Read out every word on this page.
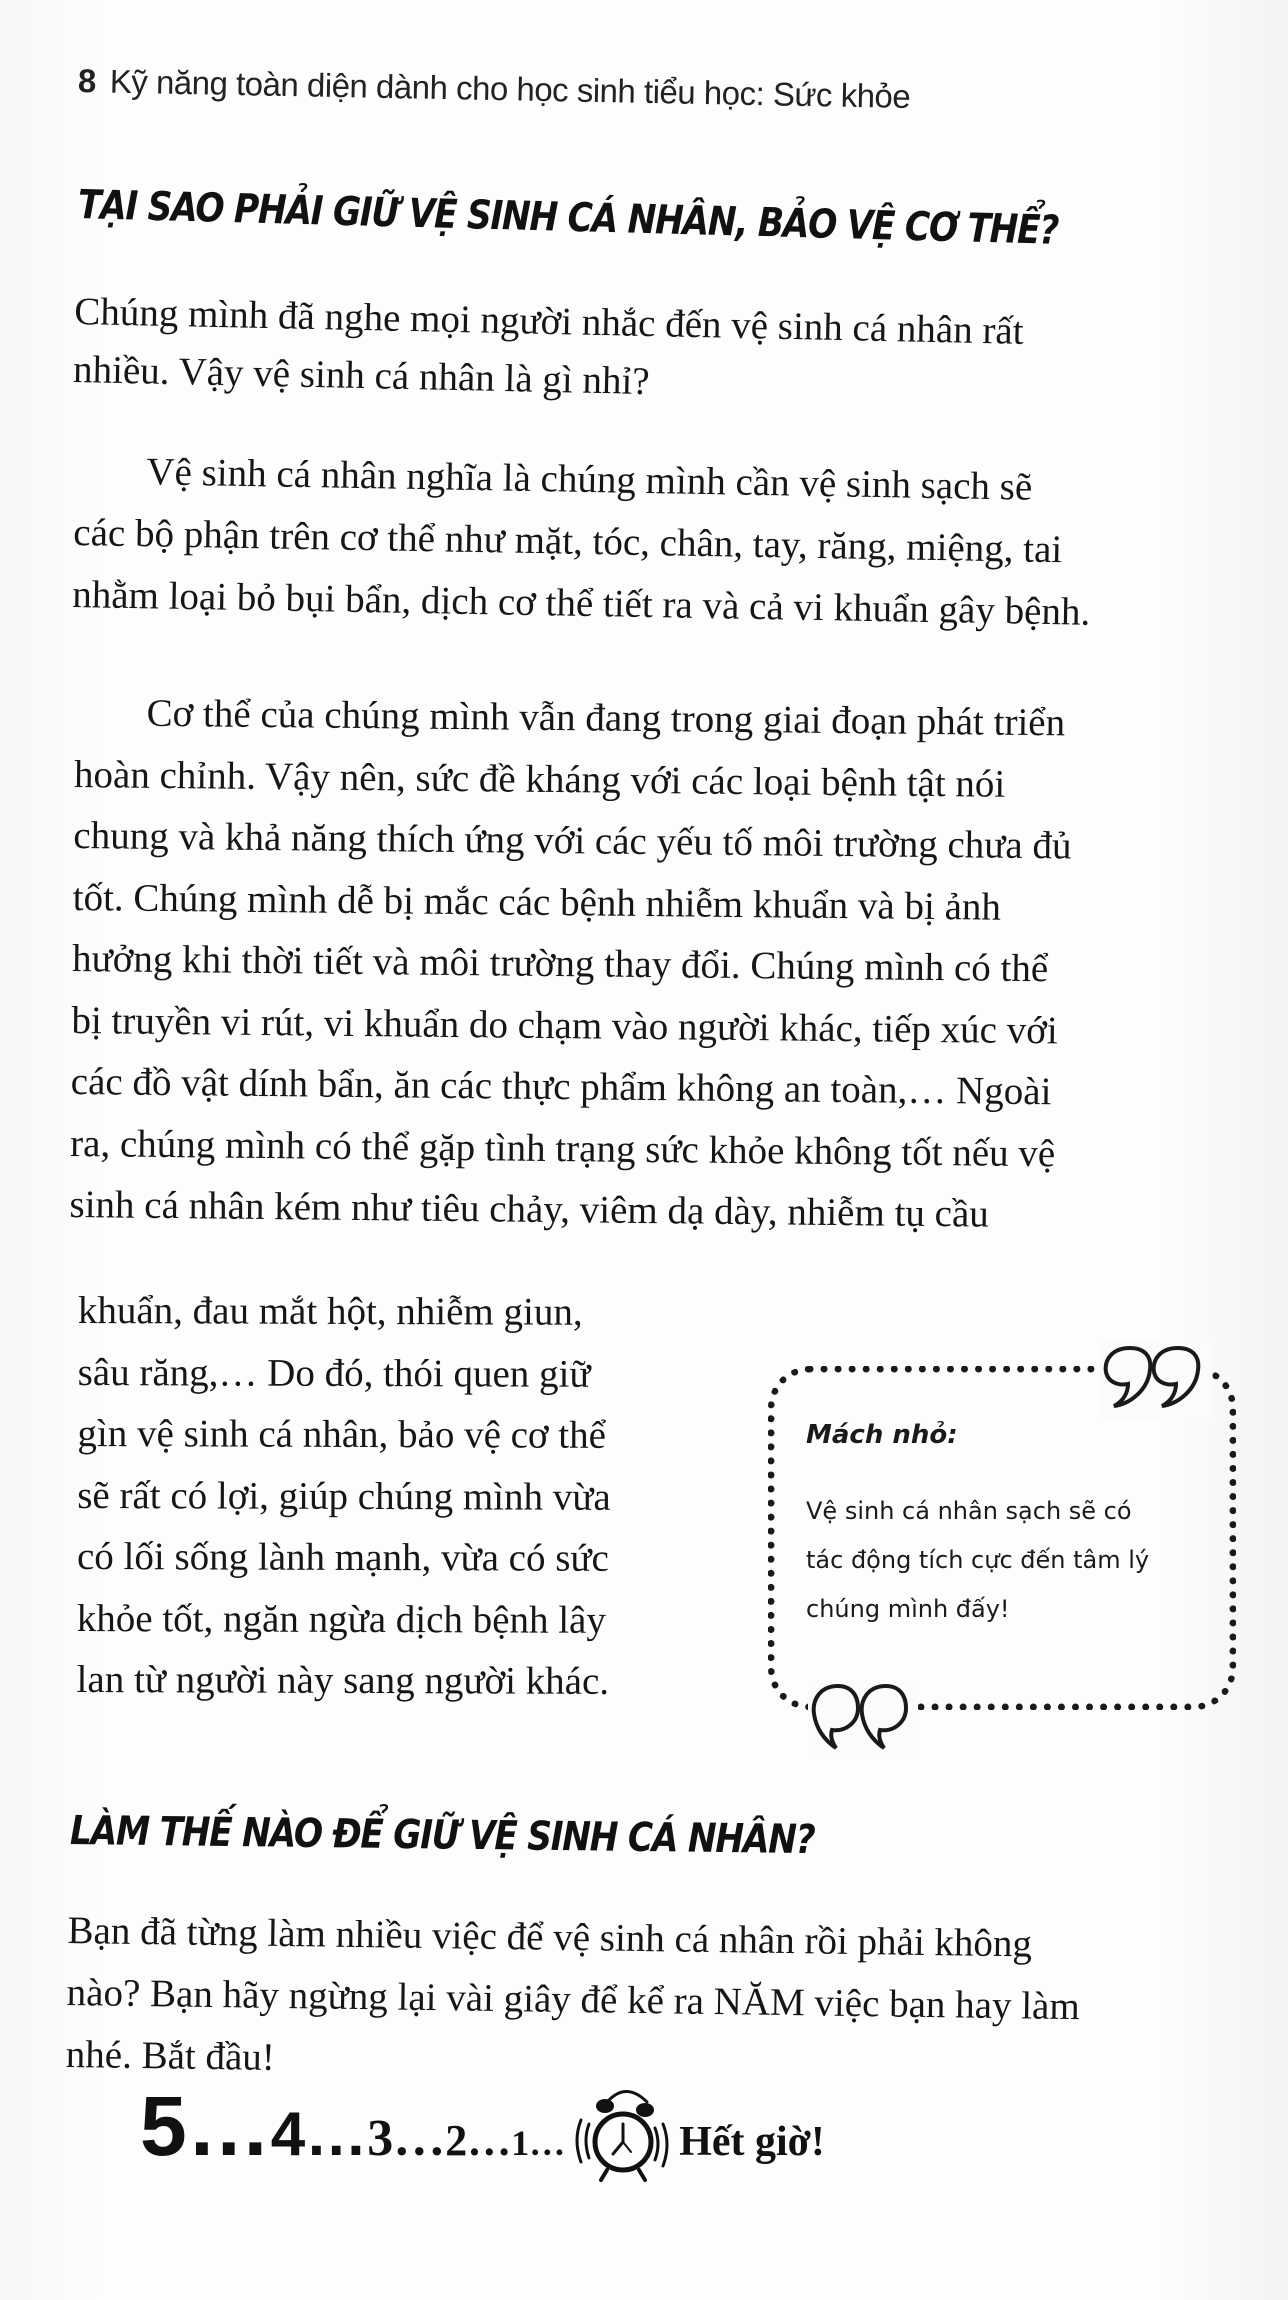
8 Kỹ năng toàn diện dành cho học sinh tiểu học: Sức khỏe
TẠI SAO PHẢI GIỮ VỆ SINH CÁ NHÂN, BẢO VỆ CƠ THỂ?
Chúng mình đã nghe mọi người nhắc đến vệ sinh cá nhân rất
nhiều. Vậy vệ sinh cá nhân là gì nhỉ?
Vệ sinh cá nhân nghĩa là chúng mình cần vệ sinh sạch sẽ
các bộ phận trên cơ thể như mặt, tóc, chân, tay, răng, miệng, tai
nhằm loại bỏ bụi bẩn, dịch cơ thể tiết ra và cả vi khuẩn gây bệnh.
Cơ thể của chúng mình vẫn đang trong giai đoạn phát triển
hoàn chỉnh. Vậy nên, sức đề kháng với các loại bệnh tật nói
chung và khả năng thích ứng với các yếu tố môi trường chưa đủ
tốt. Chúng mình dễ bị mắc các bệnh nhiễm khuẩn và bị ảnh
hưởng khi thời tiết và môi trường thay đổi. Chúng mình có thể
bị truyền vi rút, vi khuẩn do chạm vào người khác, tiếp xúc với
các đồ vật dính bẩn, ăn các thực phẩm không an toàn,… Ngoài
ra, chúng mình có thể gặp tình trạng sức khỏe không tốt nếu vệ
sinh cá nhân kém như tiêu chảy, viêm dạ dày, nhiễm tụ cầu
khuẩn, đau mắt hột, nhiễm giun,
sâu răng,… Do đó, thói quen giữ
gìn vệ sinh cá nhân, bảo vệ cơ thể
sẽ rất có lợi, giúp chúng mình vừa
có lối sống lành mạnh, vừa có sức
khỏe tốt, ngăn ngừa dịch bệnh lây
lan từ người này sang người khác.
Mách nhỏ:
Vệ sinh cá nhân sạch sẽ có
tác động tích cực đến tâm lý
chúng mình đấy!
LÀM THẾ NÀO ĐỂ GIỮ VỆ SINH CÁ NHÂN?
Bạn đã từng làm nhiều việc để vệ sinh cá nhân rồi phải không
nào? Bạn hãy ngừng lại vài giây để kể ra NĂM việc bạn hay làm
nhé. Bắt đầu!
5… 4… 3… 2… 1…	Hết giờ!
